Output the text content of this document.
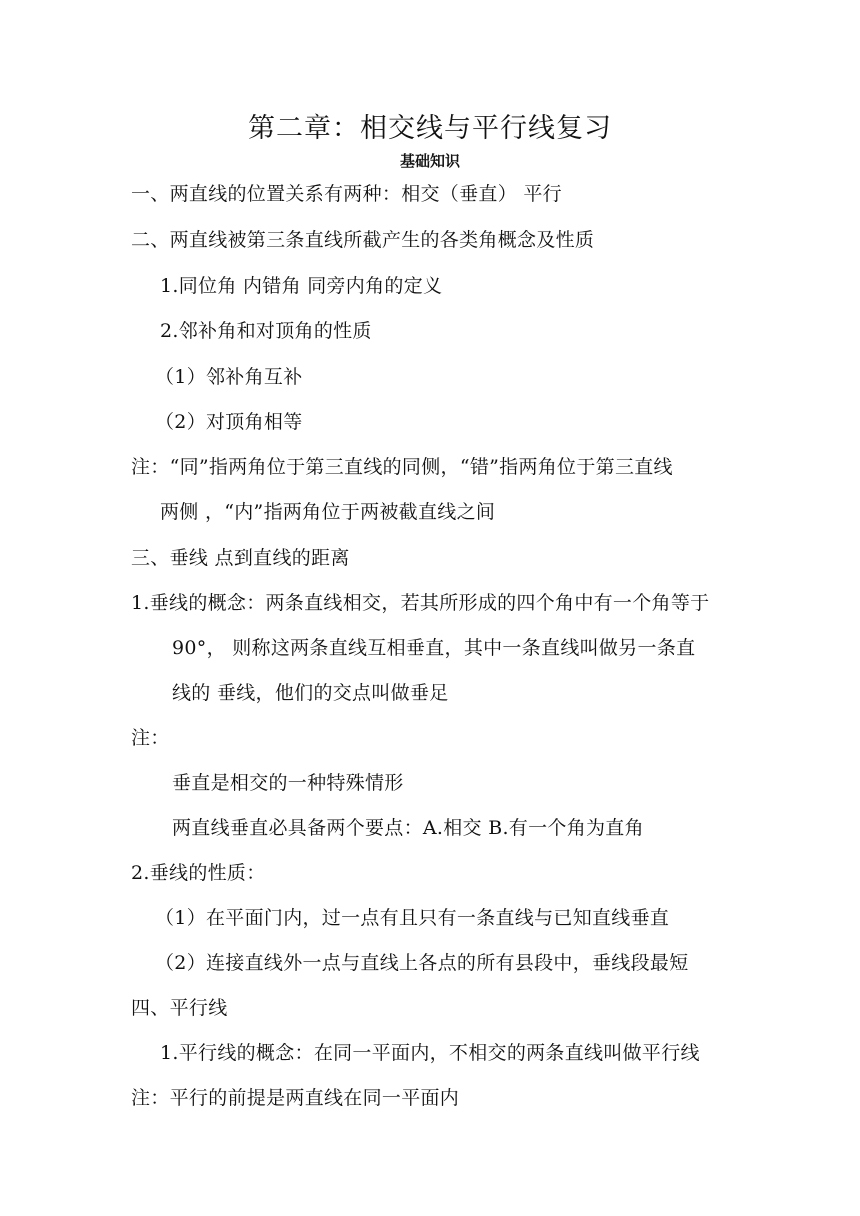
第二章：相交线与平行线复习
基础知识
一、两直线的位置关系有两种：相交（垂直） 平行
二、两直线被第三条直线所截产生的各类角概念及性质
1.同位角 内错角 同旁内角的定义
2.邻补角和对顶角的性质
（1）邻补角互补
（2）对顶角相等
注：“同”指两角位于第三直线的同侧，“错”指两角位于第三直线
两侧 ，“内”指两角位于两被截直线之间
三、垂线 点到直线的距离
1.垂线的概念：两条直线相交，若其所形成的四个角中有一个角等于
90°， 则称这两条直线互相垂直，其中一条直线叫做另一条直
线的 垂线，他们的交点叫做垂足
注：
垂直是相交的一种特殊情形
两直线垂直必具备两个要点：A.相交 B.有一个角为直角
2.垂线的性质：
（1）在平面门内，过一点有且只有一条直线与已知直线垂直
（2）连接直线外一点与直线上各点的所有县段中，垂线段最短
四、平行线
1.平行线的概念：在同一平面内，不相交的两条直线叫做平行线
注：平行的前提是两直线在同一平面内
